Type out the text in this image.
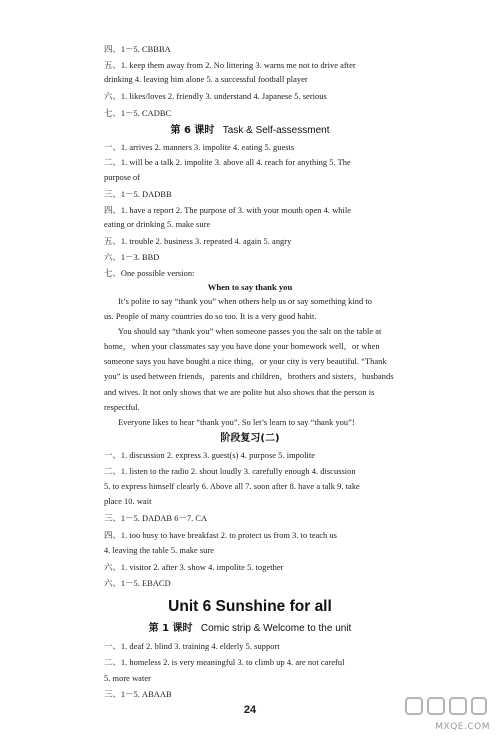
四、1－5. CBBBA
五、1. keep them away from 2. No littering 3. warns me not to drive after
drinking 4. leaving him alone 5. a successful football player
六、1. likes/loves 2. friendly 3. understand 4. Japanese 5. serious
七、1－5. CADBC
第 6 课时 Task & Self-assessment
一、1. arrives 2. manners 3. impolite 4. eating 5. guests
二、1. will be a talk 2. impolite 3. above all 4. reach for anything 5. The
purpose of
三、1－5. DADBB
四、1. have a report 2. The purpose of 3. with your mouth open 4. while
eating or drinking 5. make sure
五、1. trouble 2. business 3. repeated 4. again 5. angry
六、1－3. BBD
七、One possible version:
When to say thank you
It’s polite to say “thank you” when others help us or say something kind to
us. People of many countries do so too. It is a very good habit.
You should say “thank you” when someone passes you the salt on the table at
home，when your classmates say you have done your homework well，or when
someone says you have bought a nice thing，or your city is very beautiful. “Thank
you” is used between friends，parents and children，brothers and sisters，husbands
and wives. It not only shows that we are polite but also shows that the person is
respectful.
Everyone likes to hear “thank you”. So let’s learn to say “thank you”!
阶段复习(二)
一、1. discussion 2. express 3. guest(s) 4. purpose 5. impolite
二、1. listen to the radio 2. shout loudly 3. carefully enough 4. discussion
5. to express himself clearly 6. Above all 7. soon after 8. have a talk 9. take
place 10. wait
三、1－5. DADAB 6－7. CA
四、1. too busy to have breakfast 2. to protect us from 3. to teach us
4. leaving the table 5. make sure
六、1. visitor 2. after 3. show 4. impolite 5. together
六、1－5. EBACD
Unit 6 Sunshine for all
第 1 课时 Comic strip & Welcome to the unit
一、1. deaf 2. blind 3. training 4. elderly 5. support
二、1. homeless 2. is very meaningful 3. to climb up 4. are not careful
5. more water
三、1－5. ABAAB
24
MXQE.COM
